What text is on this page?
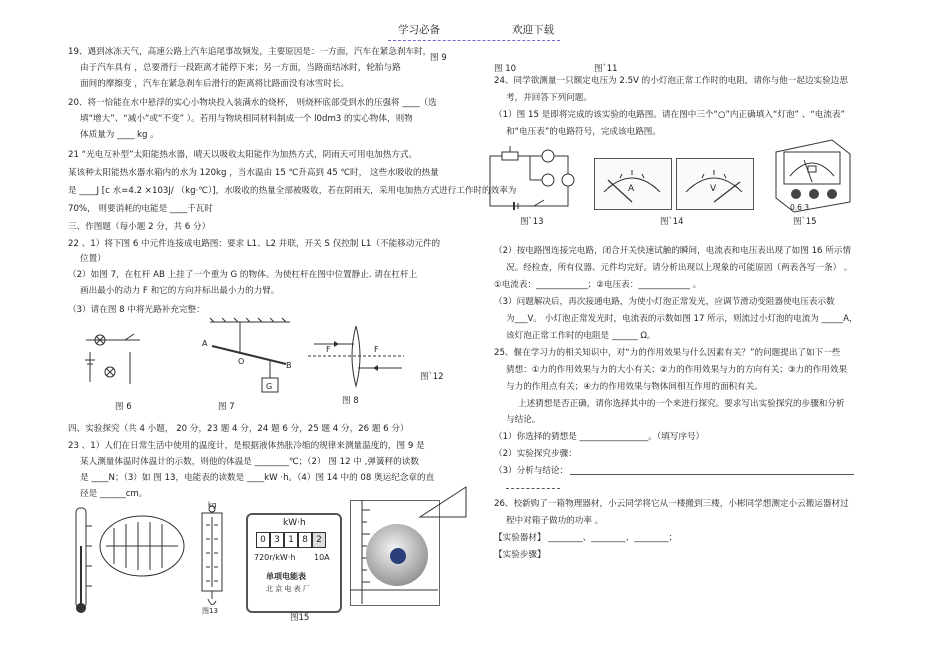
学习必备	欢迎下载
19、遇到冰冻天气，高速公路上汽车追尾事故频发，主要原因是：一方面，汽车在紧急刹车时，
由于汽车具有 ，总要滑行一段距离才能停下来；另一方面，当路面结冰时，轮胎与路
面间的摩擦变 ，汽车在紧急刹车后滑行的距离将比路面没有冰雪时长。
20、将一恰能在水中悬浮的实心小物块投入装满水的烧杯， 则烧杯底部受到水的压强将 ____（选
填“增大”、“减小”或“不变” ）。若用与物块相同材料制成一个 l0dm3 的实心物体，则物
体质量为 ____ kg 。
21 “光电互补型”太阳能热水器，晴天以吸收太阳能作为加热方式，阴雨天可用电加热方式。
某该种太阳能热水器水箱内的水为 120kg ，当水温由 15 ℃升高到 45 ℃时， 这些水吸收的热量
是 ____J [c 水=4.2 ×103J/ （kg·℃）]，水吸收的热量全部被吸收，若在阴雨天，采用电加热方式进行工作时的效率为
70%， 则要消耗的电能是 ____千瓦时
三、作图题（每小题 2 分，共 6 分）
22 、1）将下图 6 中元件连接成电路图：要求 L1、L2 并联，开关 S 仅控制 L1（不能移动元件的
位置）
（2）如图 7，在杠杆 AB 上挂了一个重为 G 的物体。为使杠杆在图中位置静止. 请在杠杆上
画出最小的动力 F 和它的方向并标出最小力的力臂。
（3）请在图 8 中将光路补充完整：
图 6
A
O	B
G
图 7
F	F
图 8
图`12
四、实验探究（共 4 小题， 20 分，23 题 4 分，24 题 6 分，25 题 4 分，26 题 6 分）
23 、1）人们在日常生活中使用的温度计，是根据液体热胀冷缩的规律来测量温度的，图 9 是
某人测量体温时体温计的示数，则他的体温是 ________℃；（2） 图 12 中 ,弹簧秤的读数
是 ____N；（3）如 图 13，电能表的读数是 ____kW ·h。（4）图 14 中的 08 奥运纪念章的直
径是 ______cm。
kg
图13
kW·h
0 3 1 8 2
720r/kW·h 10A
单项电能表
北 京 电 表 厂
图15
图 9
图 10	图`11
24、同学欲测量一只额定电压为 2.5V 的小灯泡正常工作时的电阻，请你与他一起边实验边思
考，并回答下列问题。
（1）图 15 是即将完成的该实验的电路图。请在图中三个“○”内正确填入“灯泡” 、“电流表”
和“电压表”的电路符号，完成该电路图。
图`13
A	V
图`14
0.6 3
图`15
（2）按电路图连接完电路，闭合开关快速试触的瞬间，电流表和电压表出现了如图 16 所示情
况。经检查，所有仪器、元件均完好。请分析出现以上现象的可能原因（两表各写一条） 。
①电流表：____________；②电压表：____________ 。
（3）问题解决后，再次接通电路，为使小灯泡正常发光，应调节滑动变阻器使电压表示数
为___V。 小灯泡正常发光时，电流表的示数如图 17 所示，则流过小灯泡的电流为 _____A，
该灯泡正常工作时的电阻是 ______ Ω。
25、偃在学习力的相关知识中，对“力的作用效果与什么因素有关？”的问题提出了如下一些
猜想：①力的作用效果与力的大小有关；②力的作用效果与力的方向有关；③力的作用效果
与力的作用点有关；④力的作用效果与物体间相互作用的面积有关。
上述猜想是否正确，请你选择其中的一个来进行探究。要求写出实验探究的步骤和分析
与结论。
（1）你选择的猜想是 ________________。（填写序号）
（2）实验探究步骤：
（3）分析与结论：
26、校新购了一箱物理器材，小云同学将它从一楼搬到三楼，小彬同学想测定小云搬运器材过
程中对箱子做功的功率 。
【实验器材】 ________、________、________；
【实验步骤】
